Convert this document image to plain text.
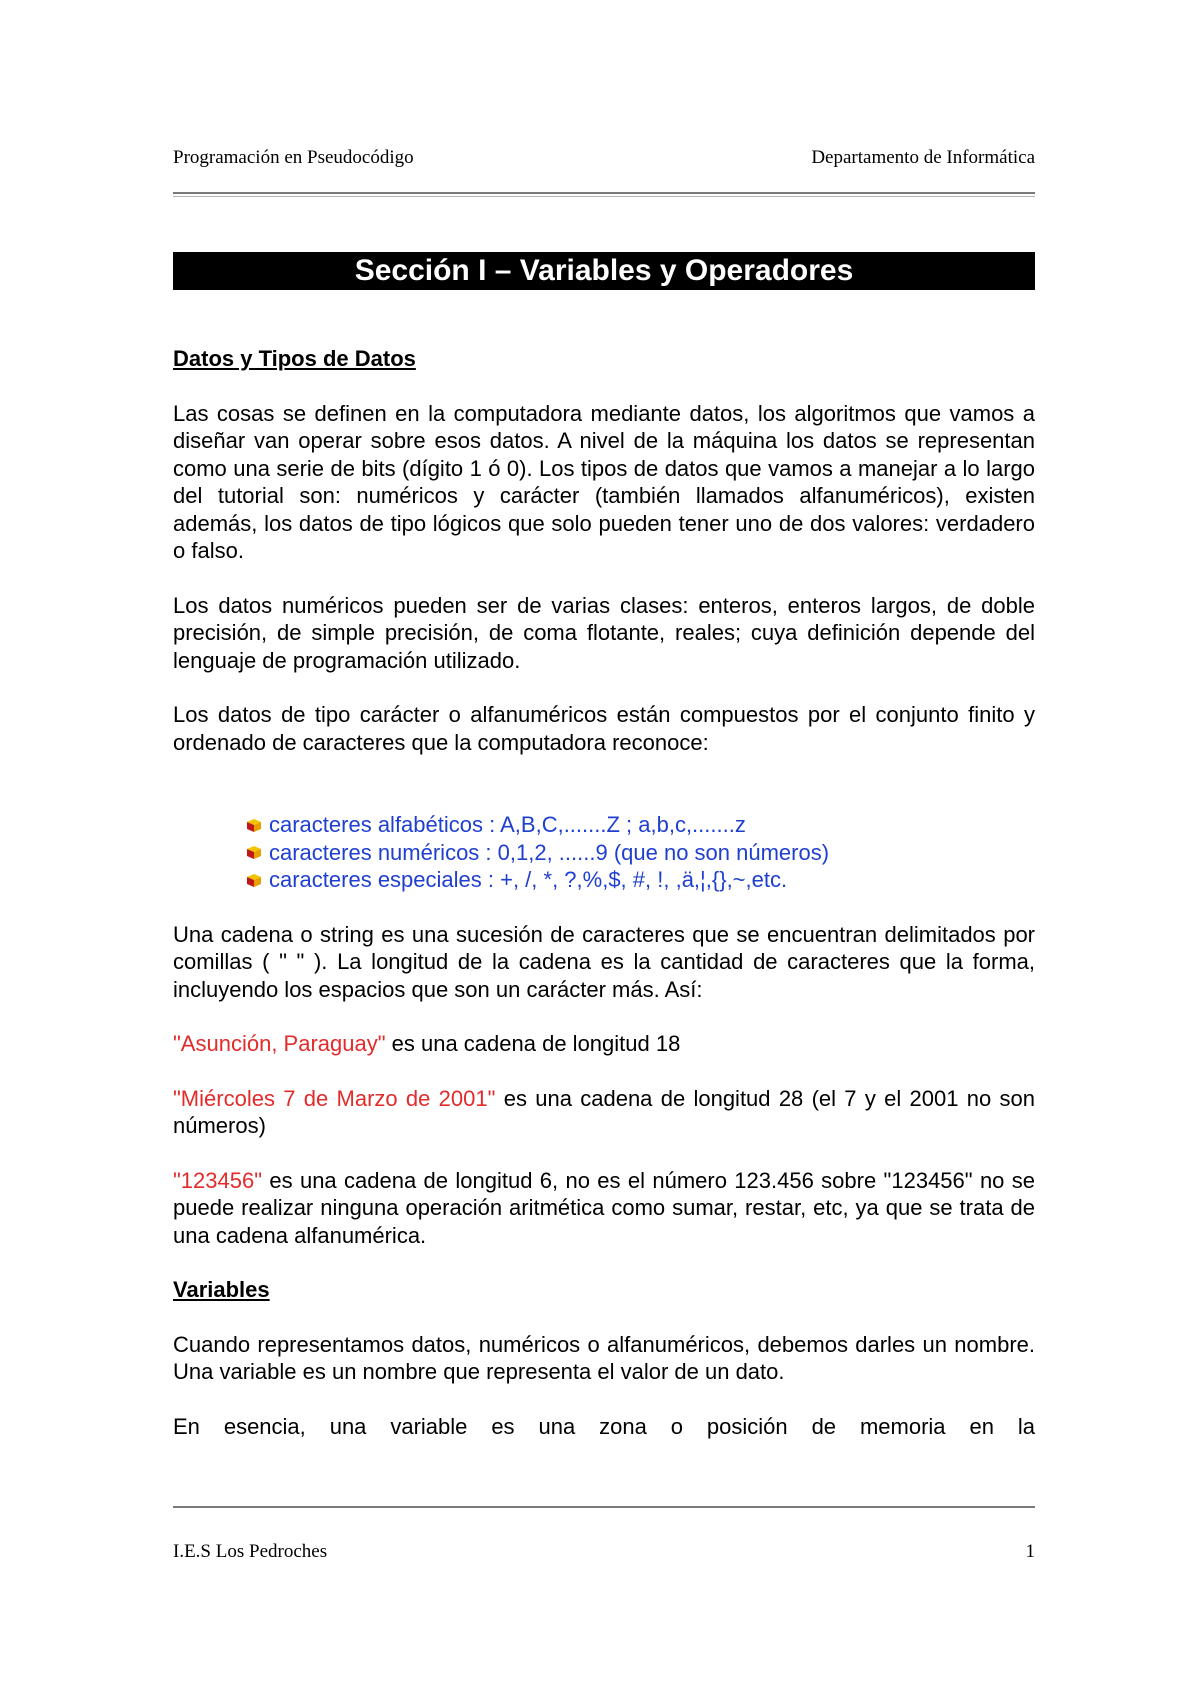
Programación en Pseudocódigo	Departamento de Informática
Sección I – Variables y Operadores

Datos y Tipos de Datos

Las cosas se definen en la computadora mediante datos, los algoritmos que vamos a diseñar van operar sobre esos datos. A nivel de la máquina los datos se representan como una serie de bits (dígito 1 ó 0). Los tipos de datos que vamos a manejar a lo largo del tutorial son: numéricos y carácter (también llamados alfanuméricos), existen además, los datos de tipo lógicos que solo pueden tener uno de dos valores: verdadero o falso.

Los datos numéricos pueden ser de varias clases: enteros, enteros largos, de doble precisión, de simple precisión, de coma flotante, reales; cuya definición depende del lenguaje de programación utilizado.

Los datos de tipo carácter o alfanuméricos están compuestos por el conjunto finito y ordenado de caracteres que la computadora reconoce:

caracteres alfabéticos : A,B,C,.......Z ; a,b,c,.......z
caracteres numéricos : 0,1,2, ......9 (que no son números)
caracteres especiales : +, /, *, ?,%,$, #, !, ,ä,¦,{},~,etc.

Una cadena o string es una sucesión de caracteres que se encuentran delimitados por comillas ( " " ). La longitud de la cadena es la cantidad de caracteres que la forma, incluyendo los espacios que son un carácter más. Así:

"Asunción, Paraguay" es una cadena de longitud 18

"Miércoles 7 de Marzo de 2001" es una cadena de longitud 28 (el 7 y el 2001 no son números)

"123456" es una cadena de longitud 6, no es el número 123.456 sobre "123456" no se puede realizar ninguna operación aritmética como sumar, restar, etc, ya que se trata de una cadena alfanumérica.

Variables

Cuando representamos datos, numéricos o alfanuméricos, debemos darles un nombre. Una variable es un nombre que representa el valor de un dato.

En esencia, una variable es una zona o posición de memoria en la

I.E.S Los Pedroches	1
